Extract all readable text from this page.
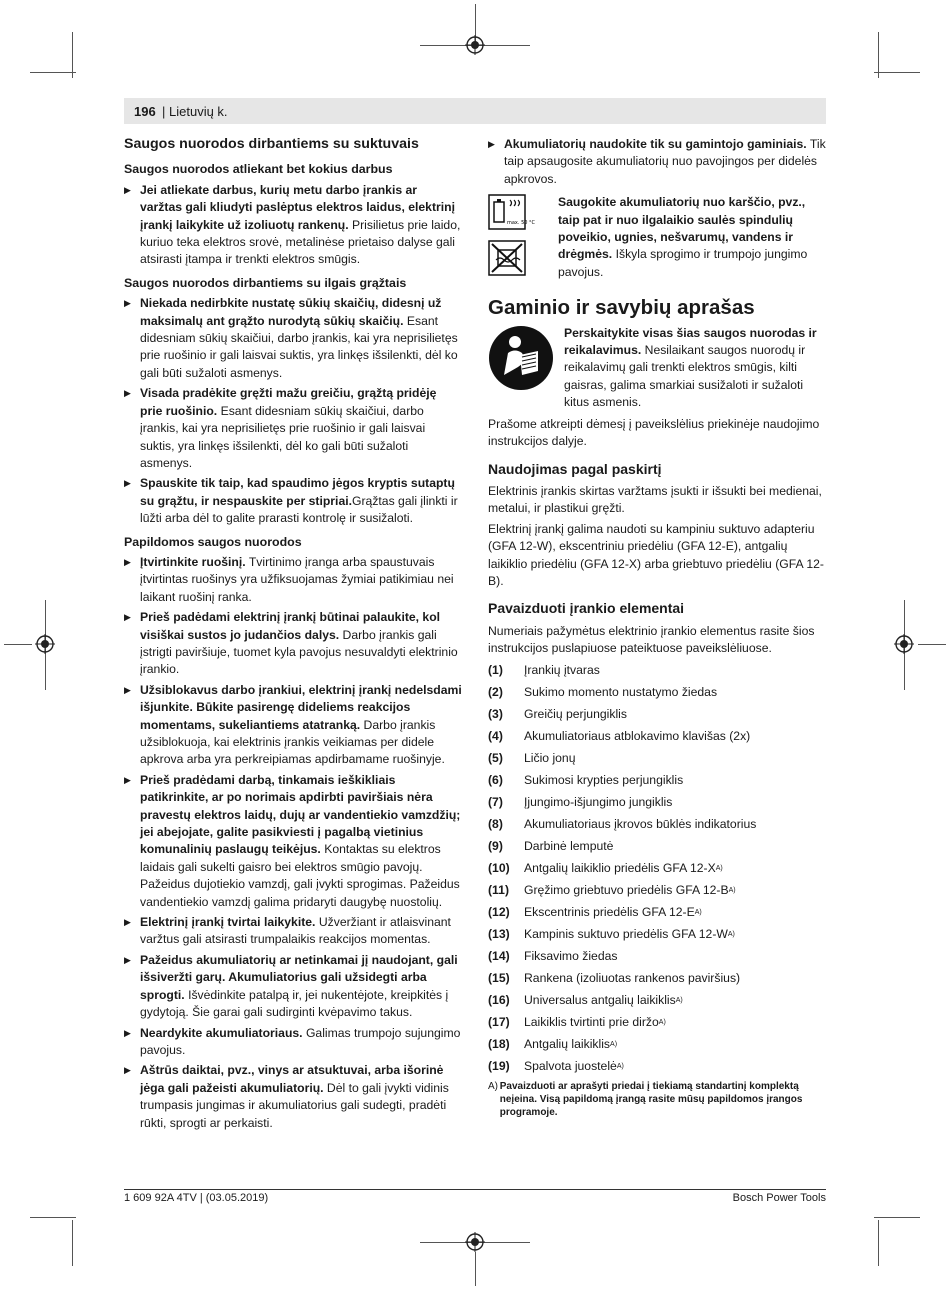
196 | Lietuvių k.
Saugos nuorodos dirbantiems su suktuvais
Saugos nuorodos atliekant bet kokius darbus
▶ Jei atliekate darbus, kurių metu darbo įrankis ar varžtas gali kliudyti paslėptus elektros laidus, elektrinį įrankį laikykite už izoliuotų rankenų. Prisilietus prie laido, kuriuo teka elektros srovė, metalinėse prietaiso dalyse gali atsirasti įtampa ir trenkti elektros smūgis.
Saugos nuorodos dirbantiems su ilgais grąžtais
▶ Niekada nedirbkite nustatę sūkių skaičių, didesnį už maksimalų ant grąžto nurodytą sūkių skaičių. Esant didesniam sūkių skaičiui, darbo įrankis, kai yra neprisilietęs prie ruošinio ir gali laisvai suktis, yra linkęs išsilenkti, dėl ko gali būti sužaloti asmenys.
▶ Visada pradėkite gręžti mažu greičiu, grąžtą pridėję prie ruošinio. Esant didesniam sūkių skaičiui, darbo įrankis, kai yra neprisilietęs prie ruošinio ir gali laisvai suktis, yra linkęs išsilenkti, dėl ko gali būti sužaloti asmenys.
▶ Spauskite tik taip, kad spaudimo jėgos kryptis sutaptų su grąžtu, ir nespauskite per stipriai.Grąžtas gali įlinkti ir lūžti arba dėl to galite prarasti kontrolę ir susižaloti.
Papildomos saugos nuorodos
▶ Įtvirtinkite ruošinį. Tvirtinimo įranga arba spaustuvais įtvirtintas ruošinys yra užfiksuojamas žymiai patikimiau nei laikant ruošinį ranka.
▶ Prieš padėdami elektrinį įrankį būtinai palaukite, kol visiškai sustos jo judančios dalys. Darbo įrankis gali įstrigti paviršiuje, tuomet kyla pavojus nesuvaldyti elektrinio įrankio.
▶ Užsiblokavus darbo įrankiui, elektrinį įrankį nedelsdami išjunkite. Būkite pasirengę dideliems reakcijos momentams, sukeliantiems atatranką. Darbo įrankis užsiblokuoja, kai elektrinis įrankis veikiamas per didele apkrova arba yra perkreipiamas apdirbamame ruošinyje.
▶ Prieš pradėdami darbą, tinkamais ieškikliais patikrinkite, ar po norimais apdirbti paviršiais nėra pravestų elektros laidų, dujų ar vandentiekio vamzdžių; jei abejojate, galite pasikviesti į pagalbą vietinius komunalinių paslaugų teikėjus. Kontaktas su elektros laidais gali sukelti gaisro bei elektros smūgio pavojų. Pažeidus dujotiekio vamzdį, gali įvykti sprogimas. Pažeidus vandentiekio vamzdį galima pridaryti daugybę nuostolių.
▶ Elektrinį įrankį tvirtai laikykite. Užveržiant ir atlaisvinant varžtus gali atsirasti trumpalaikis reakcijos momentas.
▶ Pažeidus akumuliatorių ar netinkamai jį naudojant, gali išsiveržti garų. Akumuliatorius gali užsidegti arba sprogti. Išvėdinkite patalpą ir, jei nukentėjote, kreipkitės į gydytoją. Šie garai gali sudirginti kvėpavimo takus.
▶ Neardykite akumuliatoriaus. Galimas trumpojo sujungimo pavojus.
▶ Aštrūs daiktai, pvz., vinys ar atsuktuvai, arba išorinė jėga gali pažeisti akumuliatorių. Dėl to gali įvykti vidinis trumpasis jungimas ir akumuliatorius gali sudegti, pradėti rūkti, sprogti ar perkaisti.
▶ Akumuliatorių naudokite tik su gamintojo gaminiais. Tik taip apsaugosite akumuliatorių nuo pavojingos per didelės apkrovos.
max. 50 °C
Saugokite akumuliatorių nuo karščio, pvz., taip pat ir nuo ilgalaikio saulės spindulių poveikio, ugnies, nešvarumų, vandens ir drėgmės. Iškyla sprogimo ir trumpojo jungimo pavojus.
Gaminio ir savybių aprašas
Perskaitykite visas šias saugos nuorodas ir reikalavimus. Nesilaikant saugos nuorodų ir reikalavimų gali trenkti elektros smūgis, kilti gaisras, galima smarkiai susižaloti ir sužaloti kitus asmenis.

Prašome atkreipti dėmesį į paveikslėlius priekinėje naudojimo instrukcijos dalyje.

Naudojimas pagal paskirtį

Elektrinis įrankis skirtas varžtams įsukti ir išsukti bei medienai, metalui, ir plastikui gręžti.

Elektrinį įrankį galima naudoti su kampiniu suktuvo adapteriu (GFA 12-W), ekscentriniu priedėliu (GFA 12-E), antgalių laikiklio priedėliu (GFA 12-X) arba griebtuvo priedėliu (GFA 12-B).

Pavaizduoti įrankio elementai

Numeriais pažymėtus elektrinio įrankio elementus rasite šios instrukcijos puslapiuose pateiktuose paveikslėliuose.

(1)	Įrankių įtvaras
(2)	Sukimo momento nustatymo žiedas
(3)	Greičių perjungiklis
(4)	Akumuliatoriaus atblokavimo klavišas (2x)
(5)	Ličio jonų
(6)	Sukimosi krypties perjungiklis
(7)	Įjungimo-išjungimo jungiklis
(8)	Akumuliatoriaus įkrovos būklės indikatorius
(9)	Darbinė lemputė
(10)	Antgalių laikiklio priedėlis GFA 12-X A)
(11)	Gręžimo griebtuvo priedėlis GFA 12-B A)
(12)	Ekscentrinis priedėlis GFA 12-E A)
(13)	Kampinis suktuvo priedėlis GFA 12-W A)
(14)	Fiksavimo žiedas
(15)	Rankena (izoliuotas rankenos paviršius)
(16)	Universalus antgalių laikiklis A)
(17)	Laikiklis tvirtinti prie diržo A)
(18)	Antgalių laikiklis A)
(19)	Spalvota juostelė A)
A) Pavaizduoti ar aprašyti priedai į tiekiamą standartinį komplektą neįeina. Visą papildomą įrangą rasite mūsų papildomos įrangos programoje.
1 609 92A 4TV | (03.05.2019)	Bosch Power Tools
